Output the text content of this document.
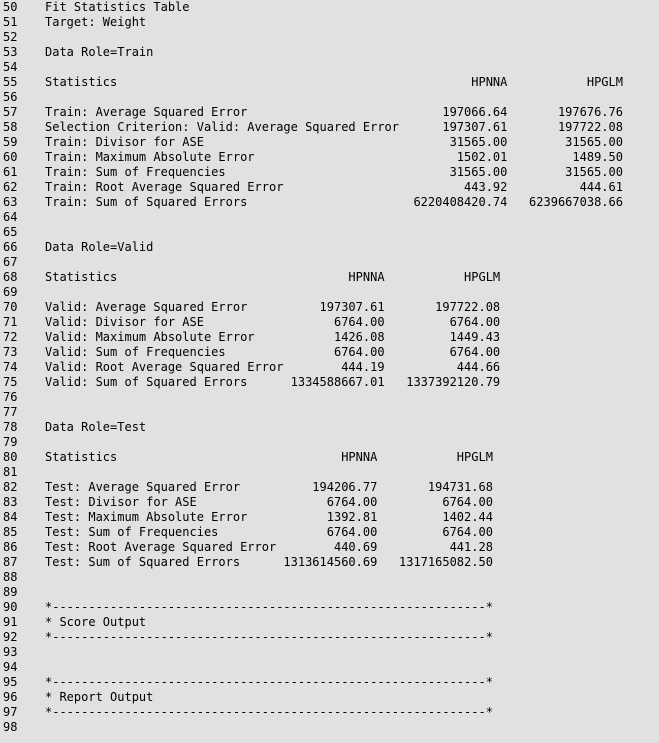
50	Fit Statistics Table
51	Target: Weight
52
53	Data Role=Train
54
55	Statistics                                                 HPNNA           HPGLM
56
57	Train: Average Squared Error                           197066.64       197676.76
58	Selection Criterion: Valid: Average Squared Error      197307.61       197722.08
59	Train: Divisor for ASE                                  31565.00        31565.00
60	Train: Maximum Absolute Error                            1502.01         1489.50
61	Train: Sum of Frequencies                               31565.00        31565.00
62	Train: Root Average Squared Error                         443.92          444.61
63	Train: Sum of Squared Errors                       6220408420.74   6239667038.66
64
65
66	Data Role=Valid
67
68	Statistics                                HPNNA           HPGLM
69
70	Valid: Average Squared Error          197307.61       197722.08
71	Valid: Divisor for ASE                  6764.00         6764.00
72	Valid: Maximum Absolute Error           1426.08         1449.43
73	Valid: Sum of Frequencies               6764.00         6764.00
74	Valid: Root Average Squared Error        444.19          444.66
75	Valid: Sum of Squared Errors      1334588667.01   1337392120.79
76
77
78	Data Role=Test
79
80	Statistics                               HPNNA           HPGLM
81
82	Test: Average Squared Error          194206.77       194731.68
83	Test: Divisor for ASE                  6764.00         6764.00
84	Test: Maximum Absolute Error           1392.81         1402.44
85	Test: Sum of Frequencies               6764.00         6764.00
86	Test: Root Average Squared Error        440.69          441.28
87	Test: Sum of Squared Errors      1313614560.69   1317165082.50
88
89
90	*------------------------------------------------------------*
91	* Score Output
92	*------------------------------------------------------------*
93
94
95	*------------------------------------------------------------*
96	* Report Output
97	*------------------------------------------------------------*
98
